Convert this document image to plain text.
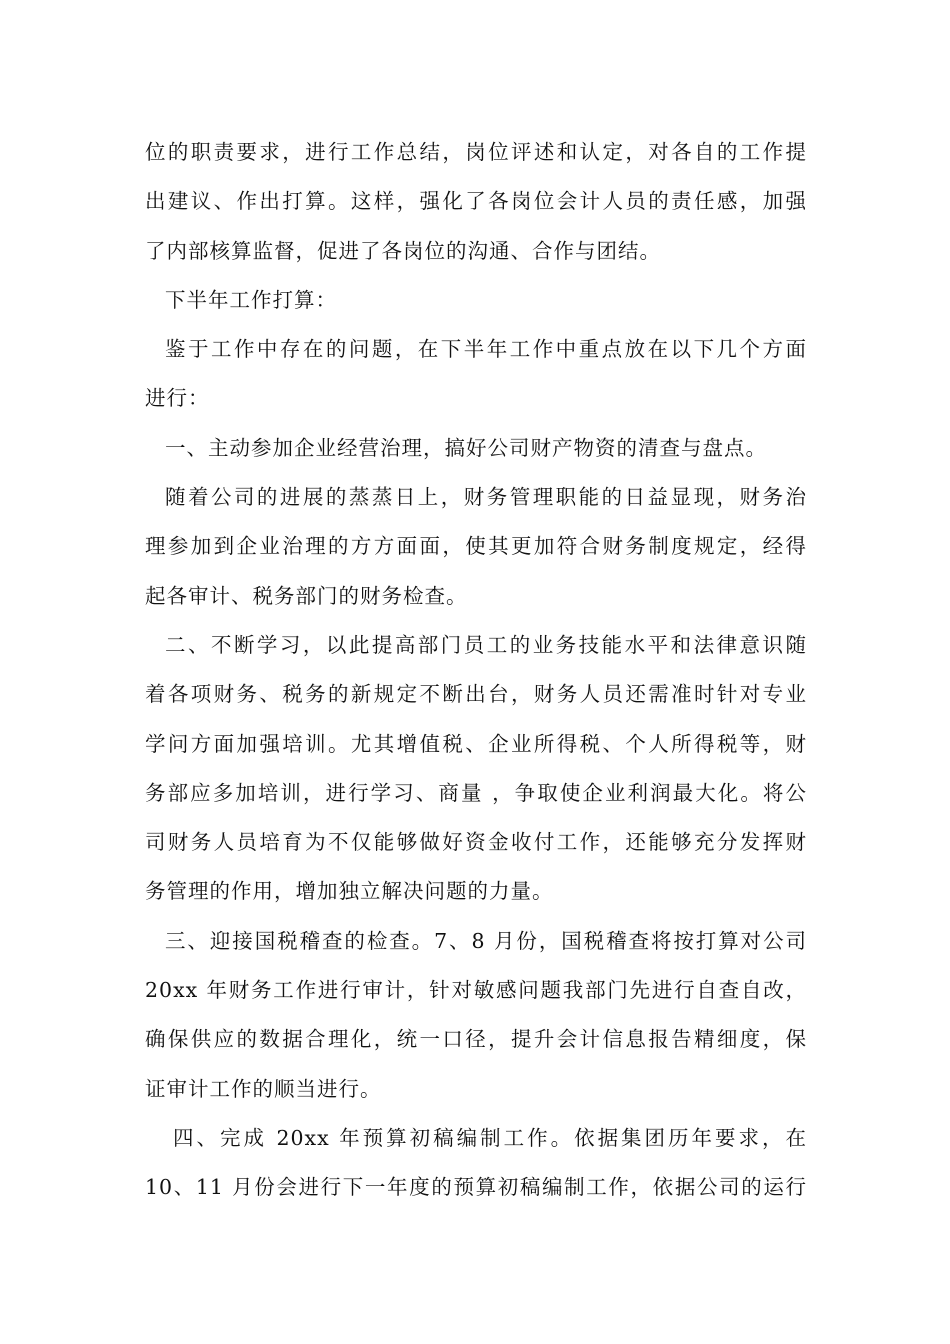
位的职责要求，进行工作总结，岗位评述和认定，对各自的工作提
出建议、作出打算。这样，强化了各岗位会计人员的责任感，加强
了内部核算监督，促进了各岗位的沟通、合作与团结。
下半年工作打算：
鉴于工作中存在的问题，在下半年工作中重点放在以下几个方面
进行：
一、主动参加企业经营治理，搞好公司财产物资的清查与盘点。
随着公司的进展的蒸蒸日上，财务管理职能的日益显现，财务治
理参加到企业治理的方方面面，使其更加符合财务制度规定，经得
起各审计、税务部门的财务检查。
二、不断学习，以此提高部门员工的业务技能水平和法律意识随
着各项财务、税务的新规定不断出台，财务人员还需准时针对专业
学问方面加强培训。尤其增值税、企业所得税、个人所得税等，财
务部应多加培训，进行学习、商量 ，争取使企业利润最大化。将公
司财务人员培育为不仅能够做好资金收付工作，还能够充分发挥财
务管理的作用，增加独立解决问题的力量。
三、迎接国税稽查的检查。7、8 月份，国税稽查将按打算对公司
20xx 年财务工作进行审计，针对敏感问题我部门先进行自查自改，
确保供应的数据合理化，统一口径，提升会计信息报告精细度，保
证审计工作的顺当进行。
四、完成 20xx 年预算初稿编制工作。依据集团历年要求，在
10、11 月份会进行下一年度的预算初稿编制工作，依据公司的运行
